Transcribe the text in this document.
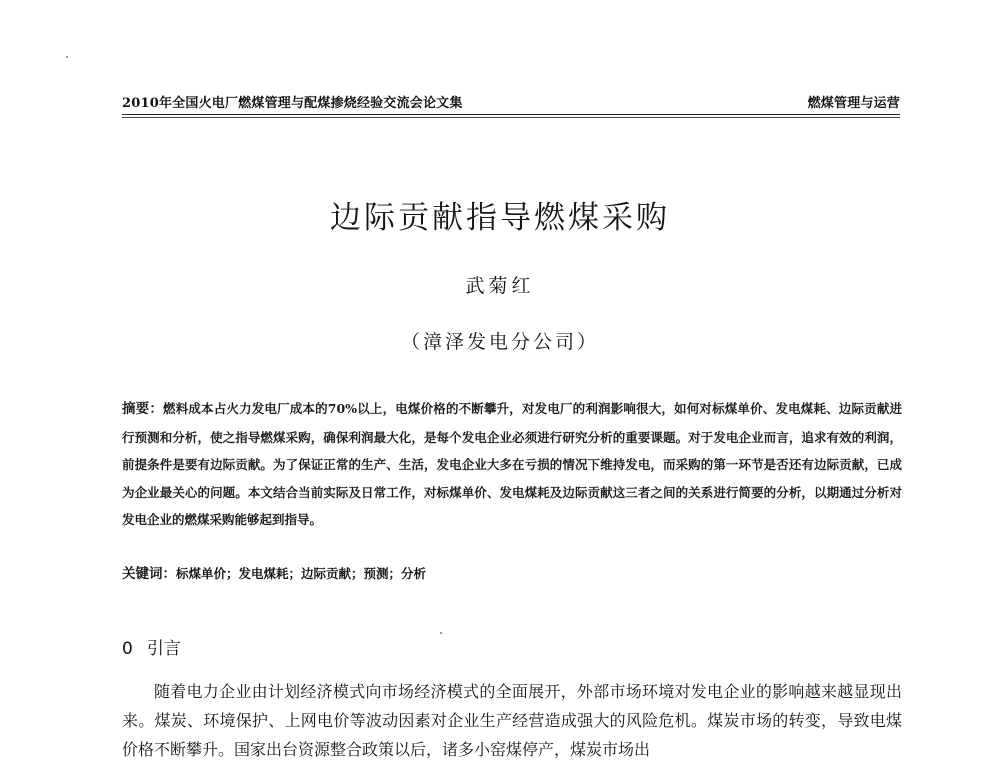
2010年全国火电厂燃煤管理与配煤掺烧经验交流会论文集	燃煤管理与运营
边际贡献指导燃煤采购
武菊红
（漳泽发电分公司）
摘要：燃料成本占火力发电厂成本的70%以上，电煤价格的不断攀升，对发电厂的利润影响很大，如何对标煤单价、发电煤耗、边际贡献进行预测和分析，使之指导燃煤采购，确保利润最大化，是每个发电企业必须进行研究分析的重要课题。对于发电企业而言，追求有效的利润，前提条件是要有边际贡献。为了保证正常的生产、生活，发电企业大多在亏损的情况下维持发电，而采购的第一环节是否还有边际贡献，已成为企业最关心的问题。本文结合当前实际及日常工作，对标煤单价、发电煤耗及边际贡献这三者之间的关系进行简要的分析，以期通过分析对发电企业的燃煤采购能够起到指导。
关键词：标煤单价；发电煤耗；边际贡献；预测；分析
0 引言
随着电力企业由计划经济模式向市场经济模式的全面展开，外部市场环境对发电企业的影响越来越显现出来。煤炭、环境保护、上网电价等波动因素对企业生产经营造成强大的风险危机。煤炭市场的转变，导致电煤价格不断攀升。国家出台资源整合政策以后，诸多小窑煤停产，煤炭市场出
